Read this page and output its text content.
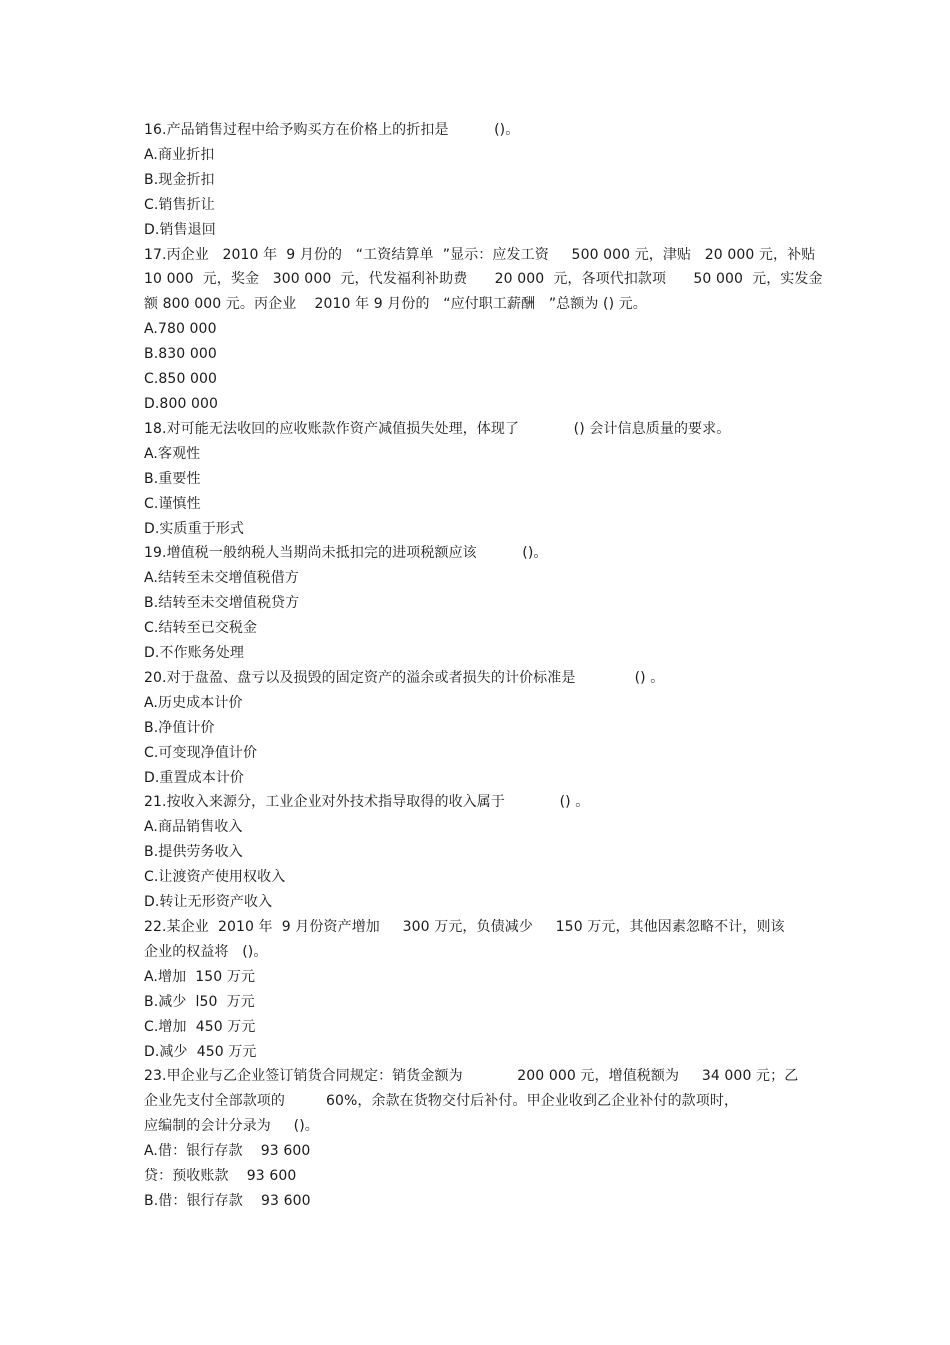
16.产品销售过程中给予购买方在价格上的折扣是          ()。
A.商业折扣
B.现金折扣
C.销售折让
D.销售退回
17.丙企业   2010 年  9 月份的   “工资结算单  ”显示：应发工资     500 000 元，津贴   20 000 元，补贴
10 000  元，奖金   300 000  元，代发福利补助费      20 000  元，各项代扣款项      50 000  元，实发金
额 800 000 元。丙企业    2010 年 9 月份的   “应付职工薪酬   ”总额为 () 元。
A.780 000
B.830 000
C.850 000
D.800 000
18.对可能无法收回的应收账款作资产减值损失处理，体现了            () 会计信息质量的要求。
A.客观性
B.重要性
C.谨慎性
D.实质重于形式
19.增值税一般纳税人当期尚未抵扣完的进项税额应该          ()。
A.结转至未交增值税借方
B.结转至未交增值税贷方
C.结转至已交税金
D.不作账务处理
20.对于盘盈、盘亏以及损毁的固定资产的溢余或者损失的计价标准是             () 。
A.历史成本计价
B.净值计价
C.可变现净值计价
D.重置成本计价
21.按收入来源分，工业企业对外技术指导取得的收入属于            () 。
A.商品销售收入
B.提供劳务收入
C.让渡资产使用权收入
D.转让无形资产收入
22.某企业  2010 年  9 月份资产增加     300 万元，负债减少     150 万元，其他因素忽略不计，则该
企业的权益将   ()。
A.增加  150 万元
B.减少  l50  万元
C.增加  450 万元
D.减少  450 万元
23.甲企业与乙企业签订销货合同规定：销货金额为            200 000 元，增值税额为     34 000 元；乙
企业先支付全部款项的         60%，余款在货物交付后补付。甲企业收到乙企业补付的款项时，
应编制的会计分录为     ()。
A.借：银行存款    93 600
贷：预收账款    93 600
B.借：银行存款    93 600
